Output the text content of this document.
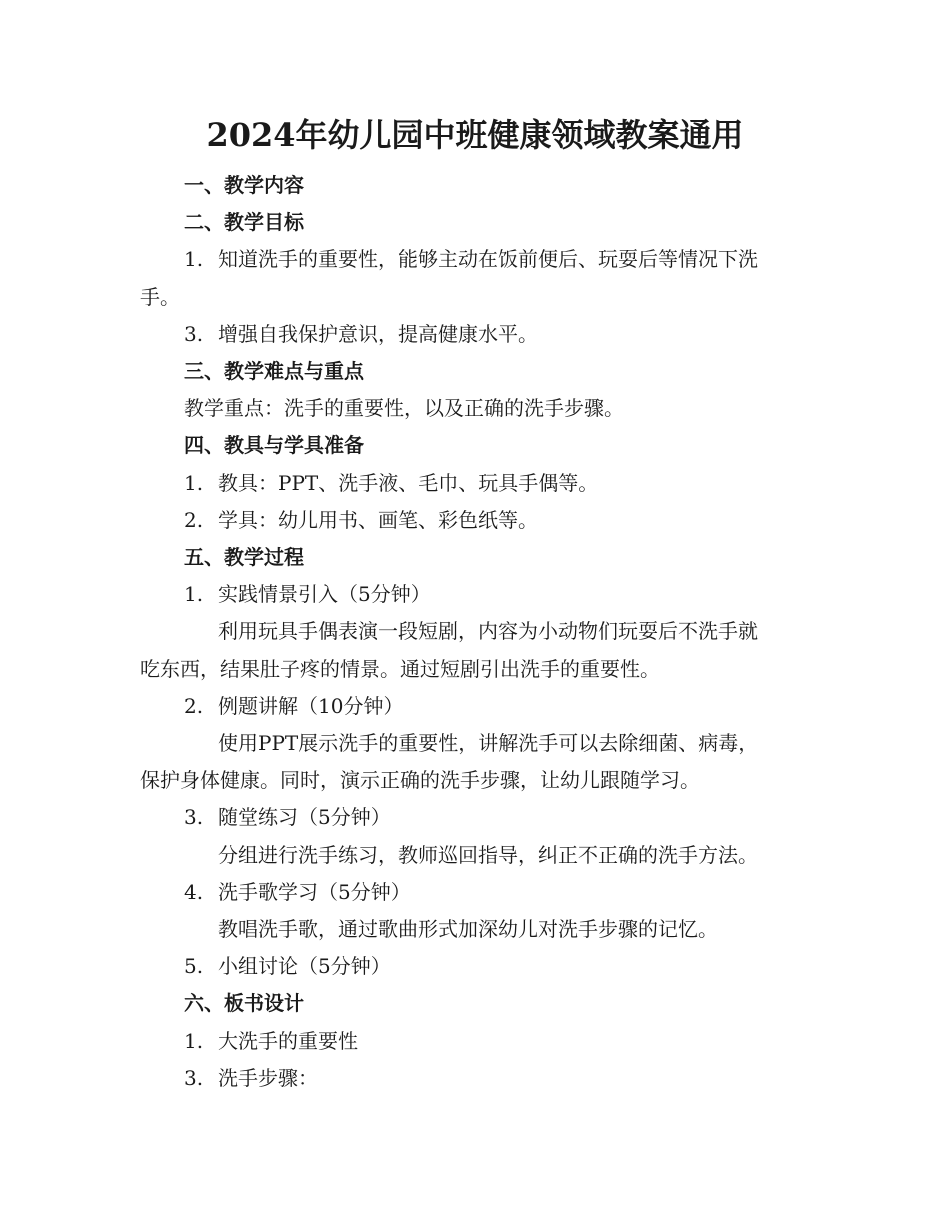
2024年幼儿园中班健康领域教案通用
一、教学内容
二、教学目标
1. 知道洗手的重要性，能够主动在饭前便后、玩耍后等情况下洗
手。
3. 增强自我保护意识，提高健康水平。
三、教学难点与重点
教学重点：洗手的重要性，以及正确的洗手步骤。
四、教具与学具准备
1. 教具：PPT、洗手液、毛巾、玩具手偶等。
2. 学具：幼儿用书、画笔、彩色纸等。
五、教学过程
1. 实践情景引入（5分钟）
利用玩具手偶表演一段短剧，内容为小动物们玩耍后不洗手就
吃东西，结果肚子疼的情景。通过短剧引出洗手的重要性。
2. 例题讲解（10分钟）
使用PPT展示洗手的重要性，讲解洗手可以去除细菌、病毒，
保护身体健康。同时，演示正确的洗手步骤，让幼儿跟随学习。
3. 随堂练习（5分钟）
分组进行洗手练习，教师巡回指导，纠正不正确的洗手方法。
4. 洗手歌学习（5分钟）
教唱洗手歌，通过歌曲形式加深幼儿对洗手步骤的记忆。
5. 小组讨论（5分钟）
六、板书设计
1. 大洗手的重要性
3. 洗手步骤：
